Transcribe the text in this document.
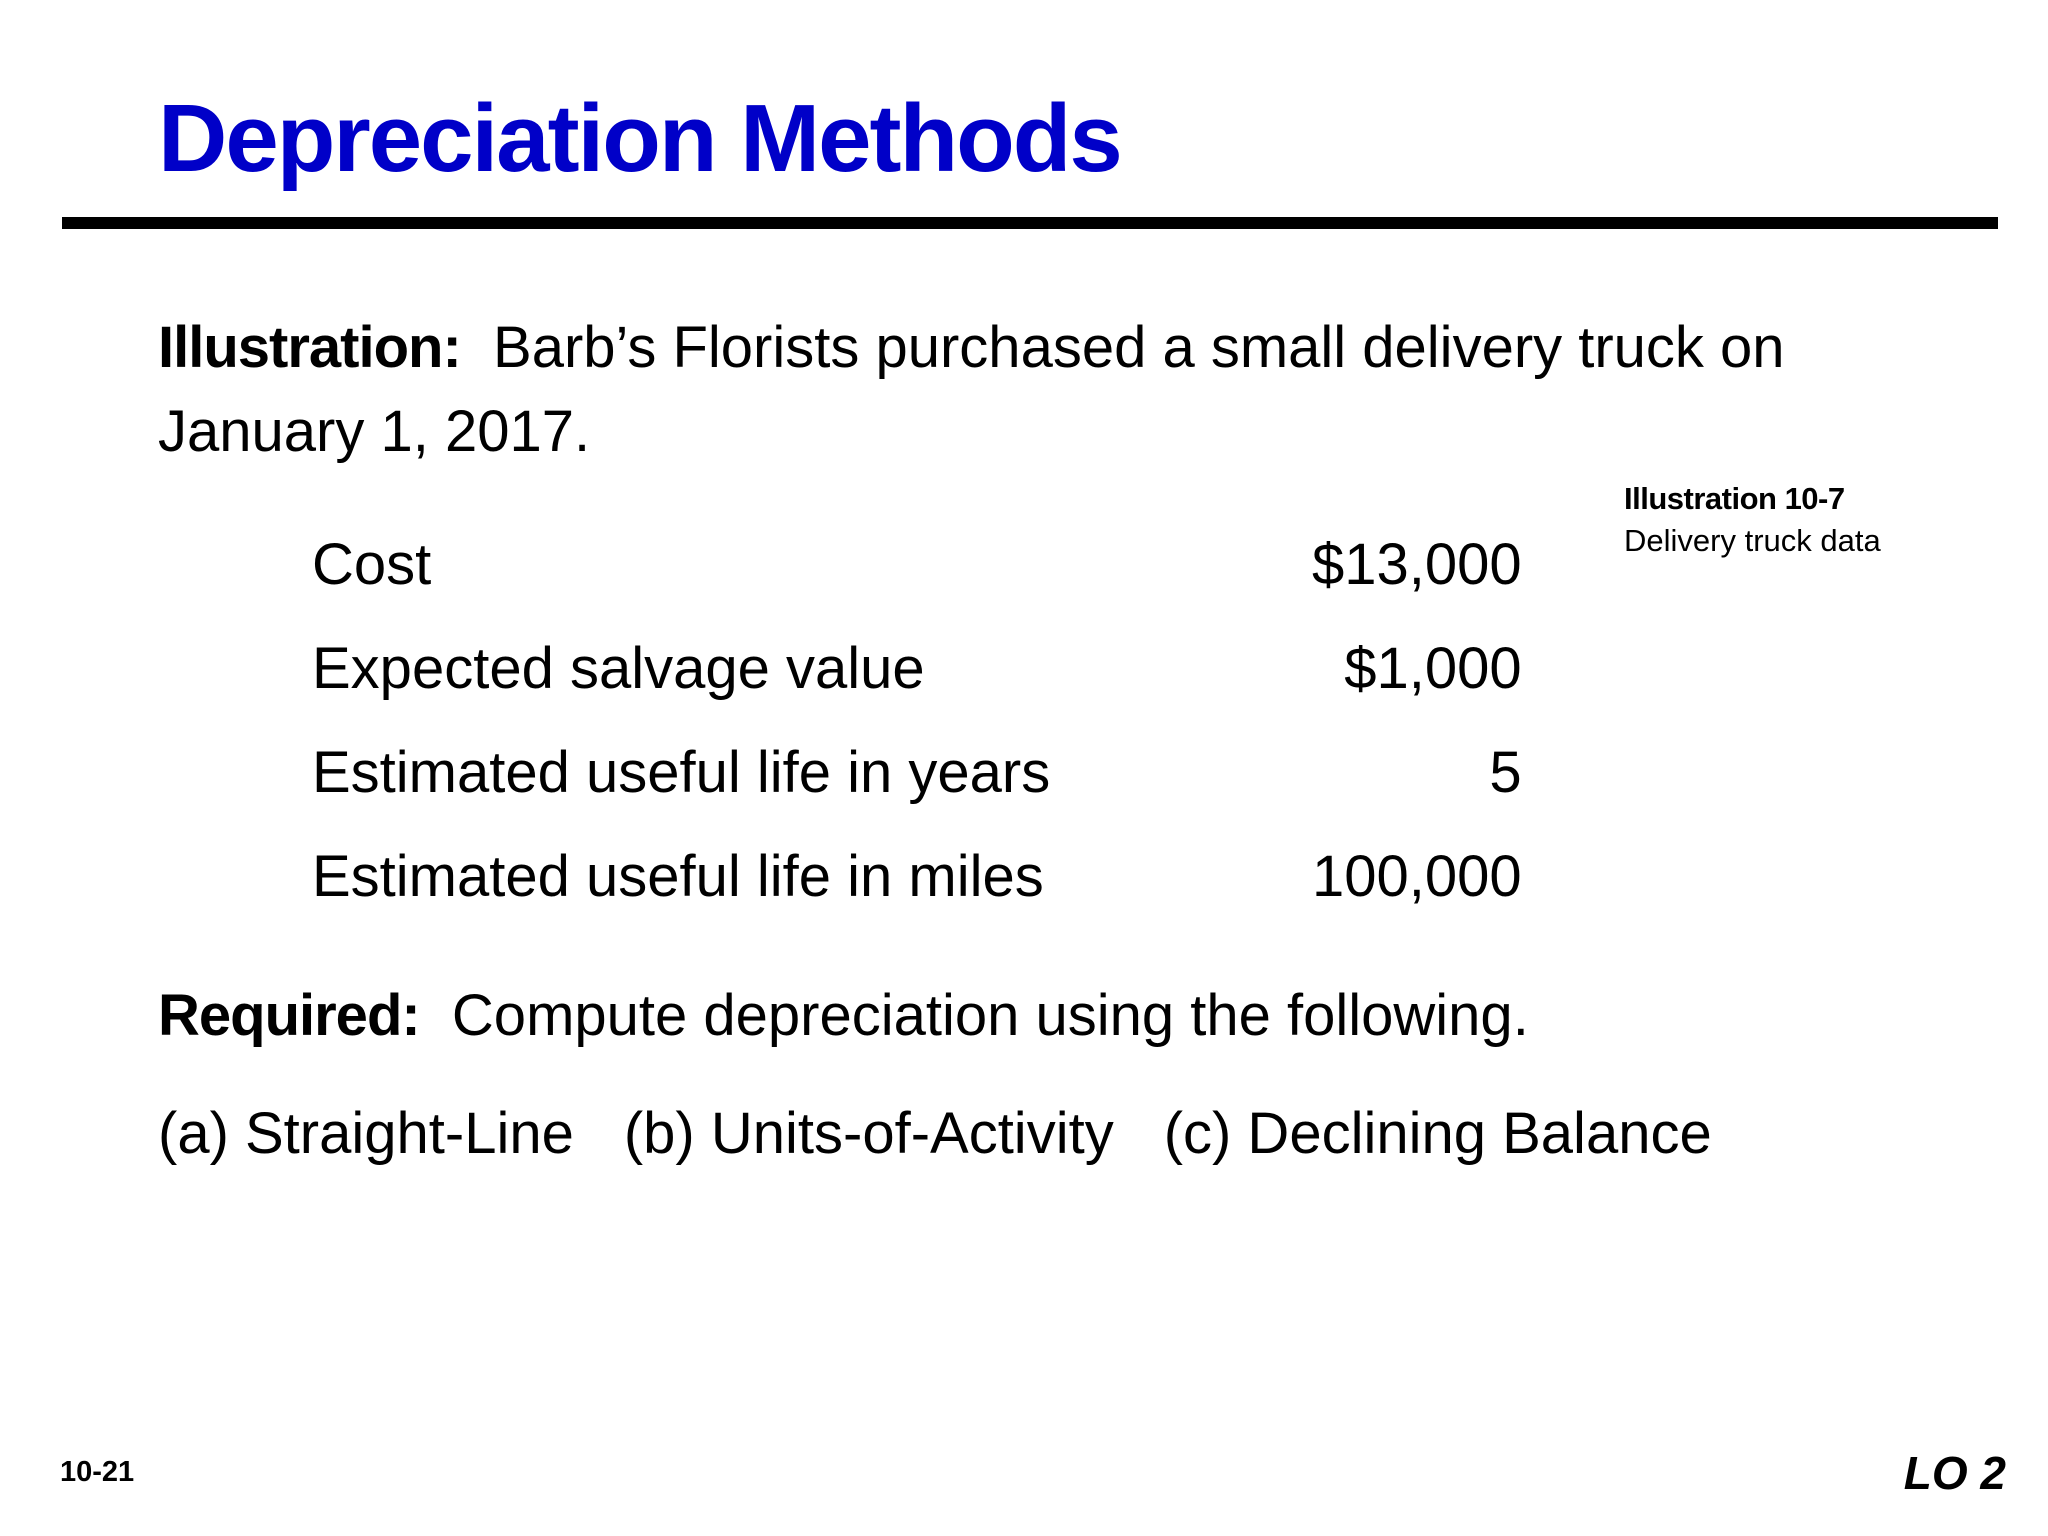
Depreciation Methods

Illustration: Barb’s Florists purchased a small delivery truck on January 1, 2017.

Illustration 10-7
Delivery truck data
Cost	$13,000
Expected salvage value	$1,000
Estimated useful life in years	5
Estimated useful life in miles	100,000

Required: Compute depreciation using the following.

(a) Straight-Line (b) Units-of-Activity (c) Declining Balance

10-21	LO 2
